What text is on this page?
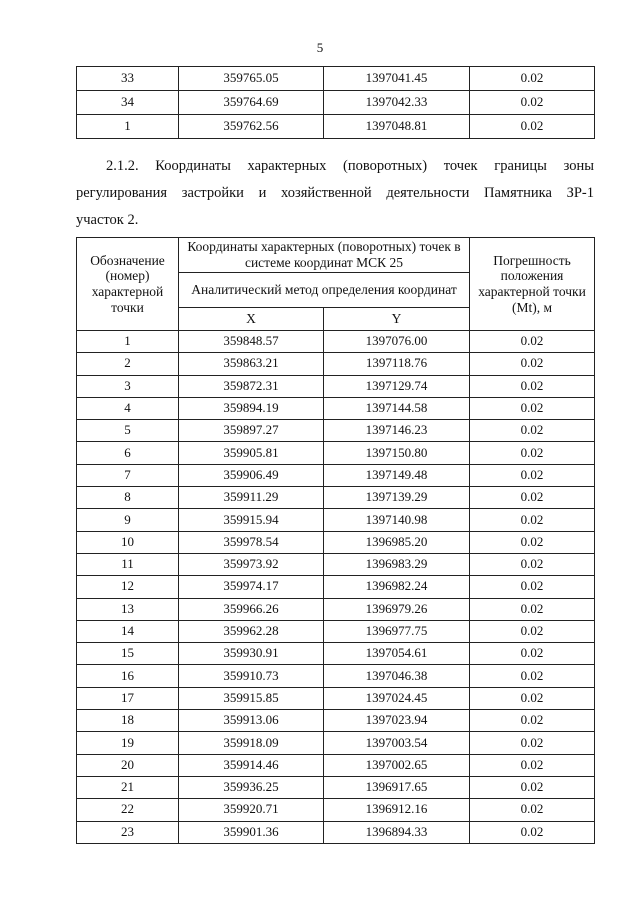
5
33	359765.05	1397041.45	0.02
34	359764.69	1397042.33	0.02
1	359762.56	1397048.81	0.02
2.1.2. Координаты характерных (поворотных) точек границы зоны
регулирования застройки и хозяйственной деятельности Памятника ЗР-1
участок 2.
Обозначение (номер) характерной точки	Координаты характерных (поворотных) точек в системе координат МСК 25		Погрешность положения характерной точки (Mt), м
	Аналитический метод определения координат		
	X	Y	
1	359848.57	1397076.00	0.02
2	359863.21	1397118.76	0.02
3	359872.31	1397129.74	0.02
4	359894.19	1397144.58	0.02
5	359897.27	1397146.23	0.02
6	359905.81	1397150.80	0.02
7	359906.49	1397149.48	0.02
8	359911.29	1397139.29	0.02
9	359915.94	1397140.98	0.02
10	359978.54	1396985.20	0.02
11	359973.92	1396983.29	0.02
12	359974.17	1396982.24	0.02
13	359966.26	1396979.26	0.02
14	359962.28	1396977.75	0.02
15	359930.91	1397054.61	0.02
16	359910.73	1397046.38	0.02
17	359915.85	1397024.45	0.02
18	359913.06	1397023.94	0.02
19	359918.09	1397003.54	0.02
20	359914.46	1397002.65	0.02
21	359936.25	1396917.65	0.02
22	359920.71	1396912.16	0.02
23	359901.36	1396894.33	0.02
